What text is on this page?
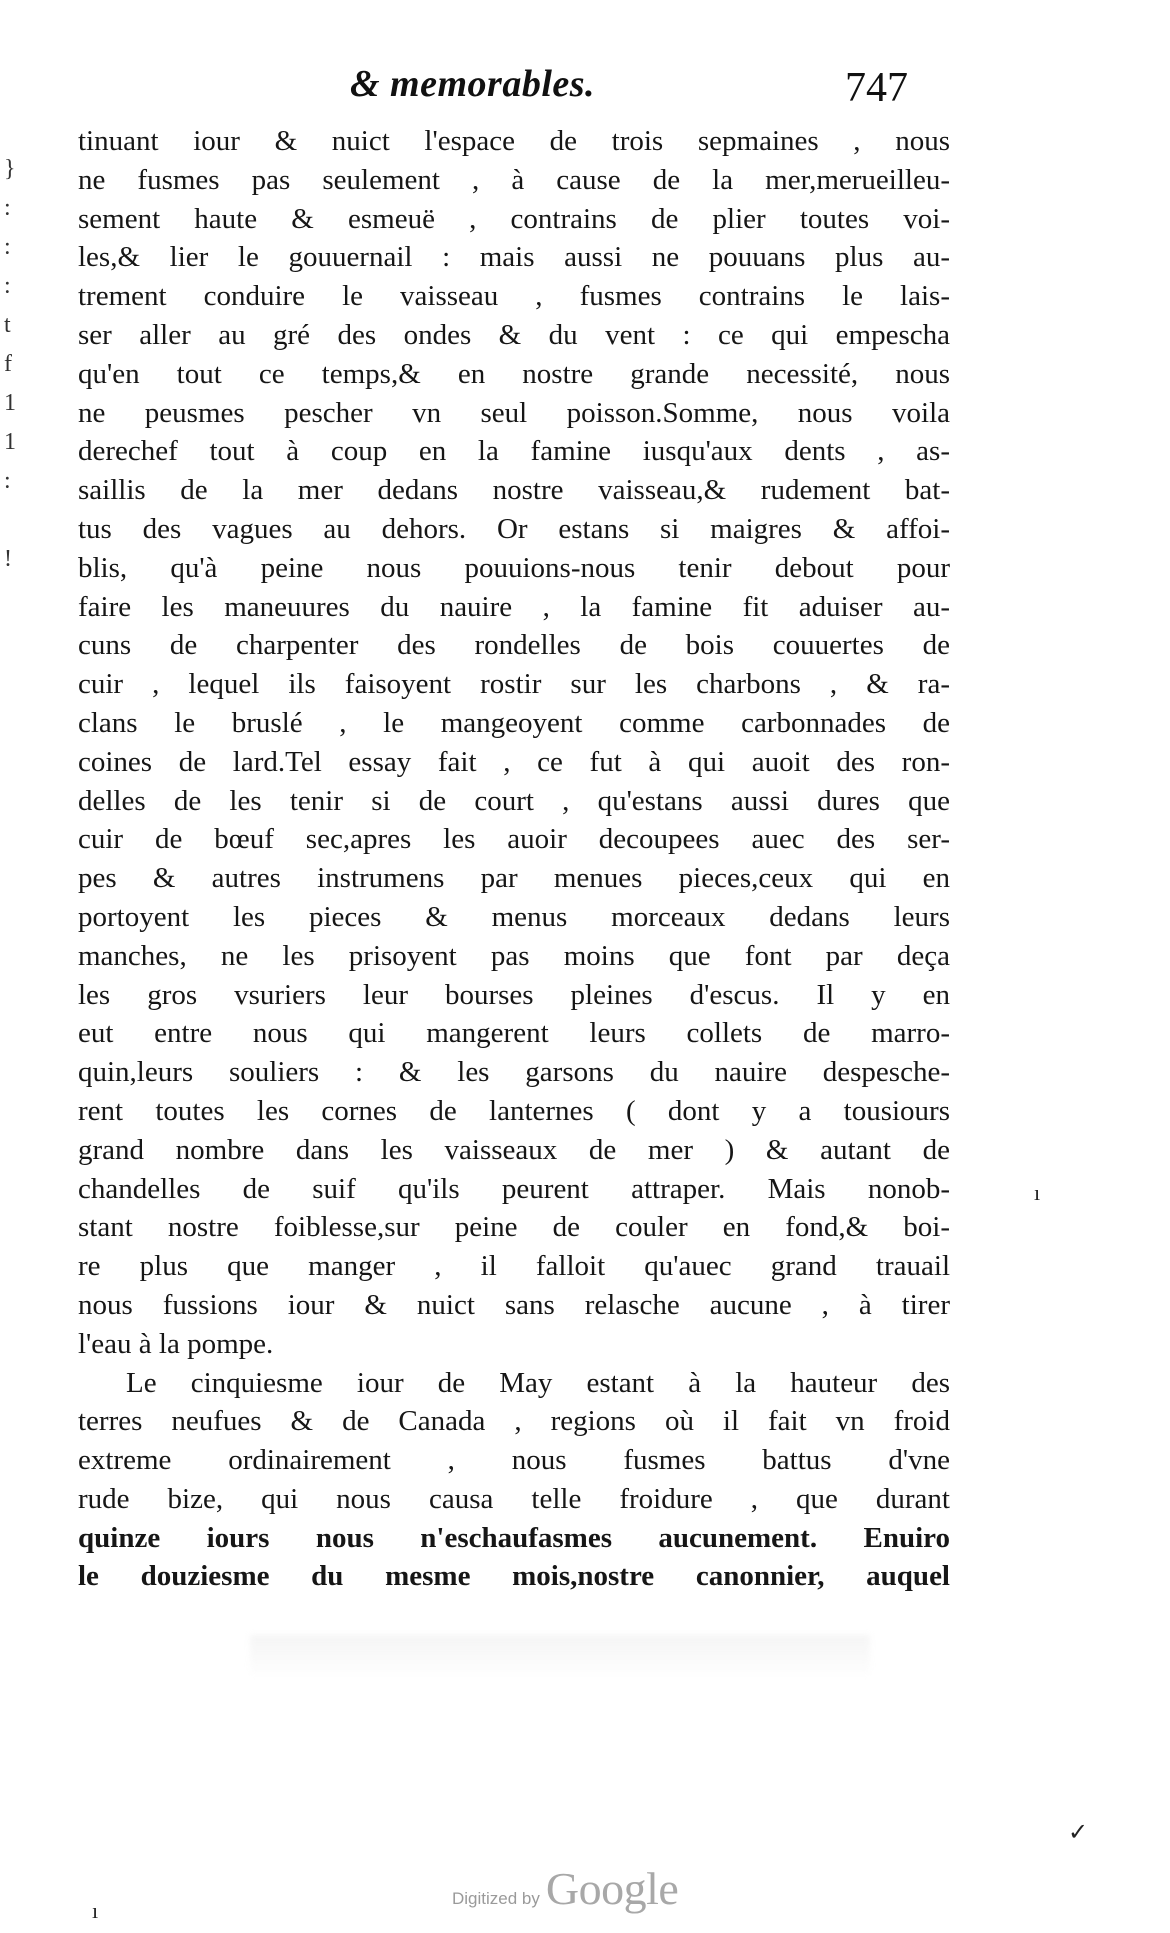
& memorables.	747
}
:
:
:
t
f
1
1
:
!
tinuant iour & nuict l'espace de trois sepmaines , nous
ne fusmes pas seulement , à cause de la mer,merueilleu-
sement haute & esmeuë , contrains de plier toutes voi-
les,& lier le gouuernail : mais aussi ne pouuans plus au-
trement conduire le vaisseau , fusmes contrains le lais-
ser aller au gré des ondes & du vent : ce qui empescha
qu'en tout ce temps,& en nostre grande necessité, nous
ne peusmes pescher vn seul poisson.Somme, nous voila
derechef tout à coup en la famine iusqu'aux dents , as-
saillis de la mer dedans nostre vaisseau,& rudement bat-
tus des vagues au dehors. Or estans si maigres & affoi-
blis, qu'à peine nous pouuions-nous tenir debout pour
faire les maneuures du nauire , la famine fit aduiser au-
cuns de charpenter des rondelles de bois couuertes de
cuir , lequel ils faisoyent rostir sur les charbons , & ra-
clans le bruslé , le mangeoyent comme carbonnades de
coines de lard.Tel essay fait , ce fut à qui auoit des ron-
delles de les tenir si de court , qu'estans aussi dures que
cuir de bœuf sec,apres les auoir decoupees auec des ser-
pes & autres instrumens par menues pieces,ceux qui en
portoyent les pieces & menus morceaux dedans leurs
manches, ne les prisoyent pas moins que font par deça
les gros vsuriers leur bourses pleines d'escus. Il y en
eut entre nous qui mangerent leurs collets de marro-
quin,leurs souliers : & les garsons du nauire despesche-
rent toutes les cornes de lanternes ( dont y a tousiours
grand nombre dans les vaisseaux de mer ) & autant de
chandelles de suif qu'ils peurent attraper. Mais nonob-
stant nostre foiblesse,sur peine de couler en fond,& boi-
re plus que manger , il falloit qu'auec grand trauail
nous fussions iour & nuict sans relasche aucune , à tirer
l'eau à la pompe.
Le cinquiesme iour de May estant à la hauteur des
terres neufues & de Canada , regions où il fait vn froid
extreme ordinairement , nous fusmes battus d'vne
rude bize, qui nous causa telle froidure , que durant
quinze iours nous n'eschaufasmes aucunement. Enuiro
le douziesme du mesme mois,nostre canonnier, auquel
ı
✓
ı	Digitized by Google
